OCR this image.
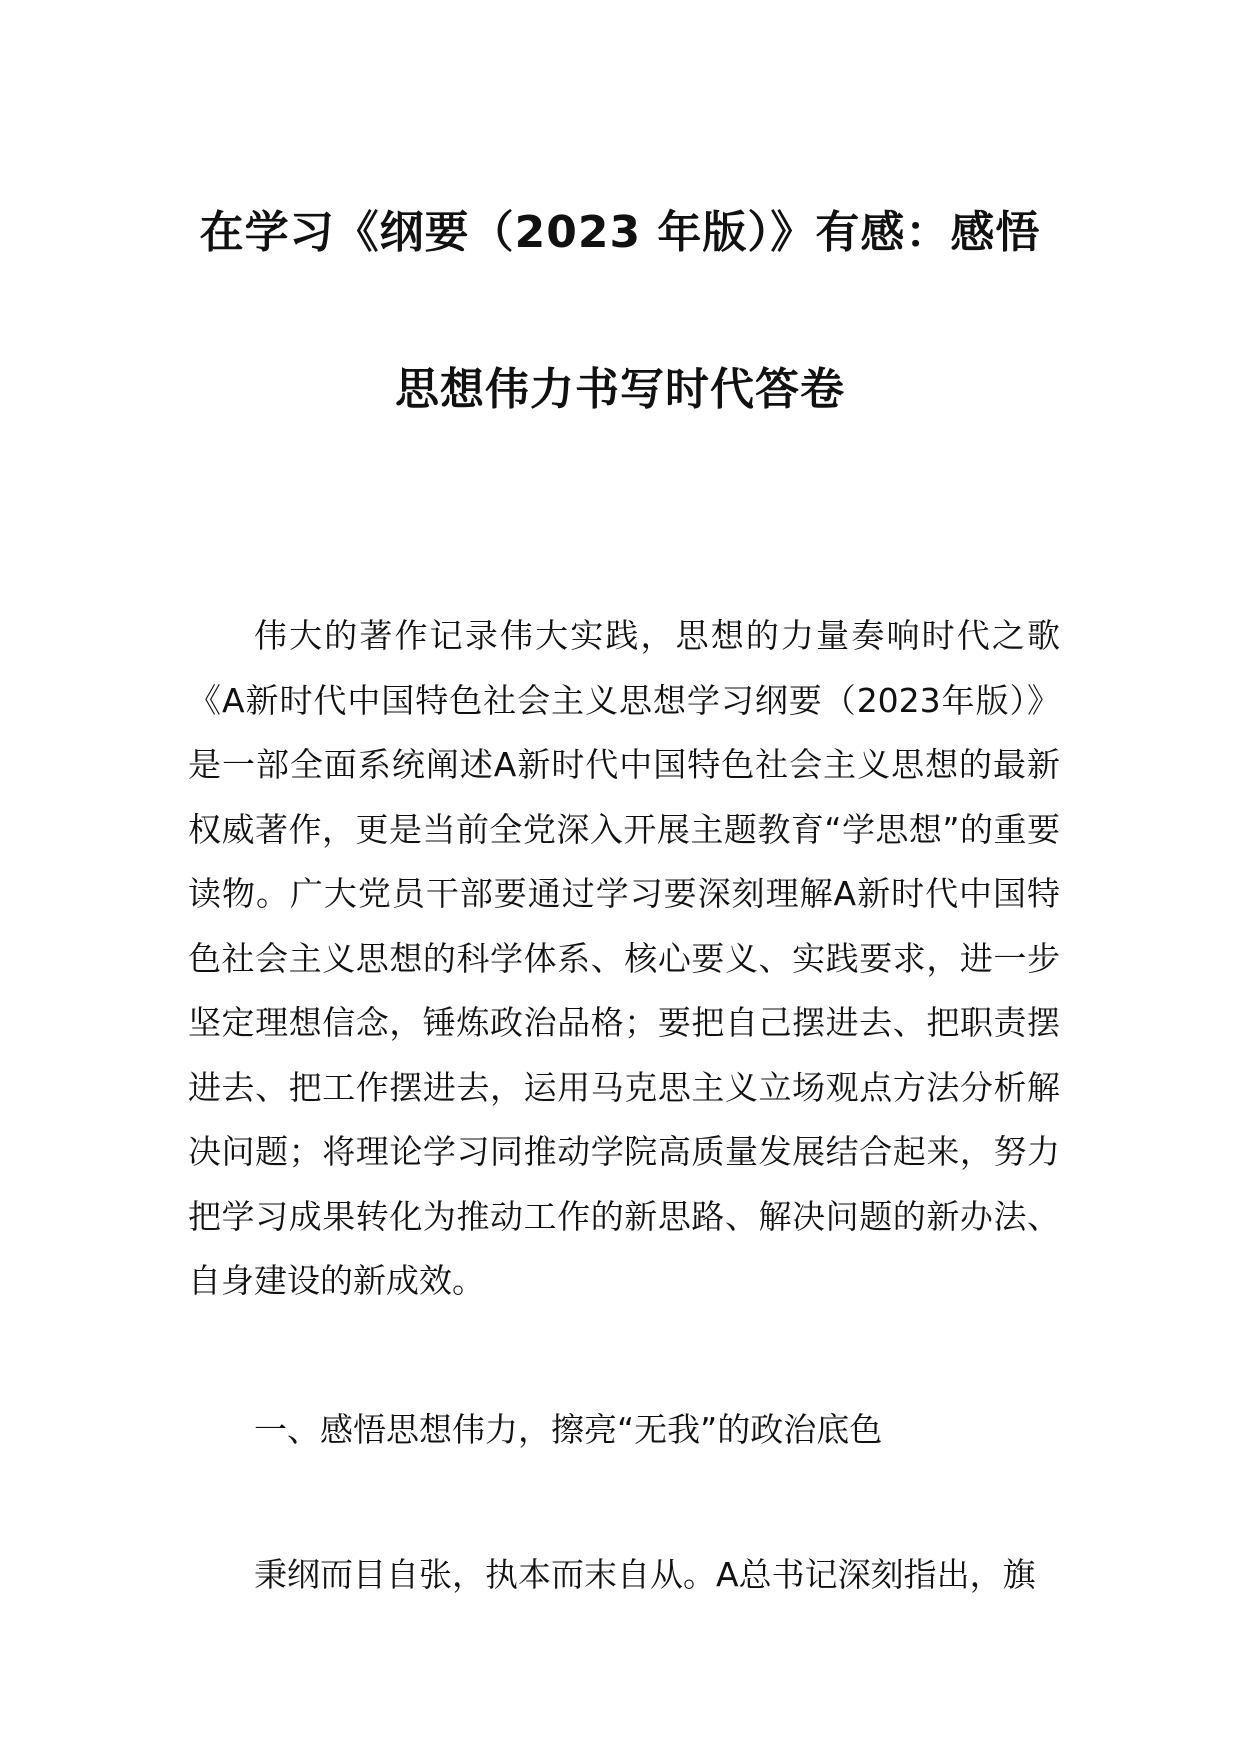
在学习《纲要（2023 年版）》有感：感悟
思想伟力书写时代答卷

伟大的著作记录伟大实践，思想的力量奏响时代之歌《A新时代中国特色社会主义思想学习纲要（2023年版）》是一部全面系统阐述A新时代中国特色社会主义思想的最新权威著作，更是当前全党深入开展主题教育“学思想”的重要读物。广大党员干部要通过学习要深刻理解A新时代中国特色社会主义思想的科学体系、核心要义、实践要求，进一步坚定理想信念，锤炼政治品格；要把自己摆进去、把职责摆进去、把工作摆进去，运用马克思主义立场观点方法分析解决问题；将理论学习同推动学院高质量发展结合起来，努力把学习成果转化为推动工作的新思路、解决问题的新办法、自身建设的新成效。

一、感悟思想伟力，擦亮“无我”的政治底色

秉纲而目自张，执本而末自从。A总书记深刻指出，旗
